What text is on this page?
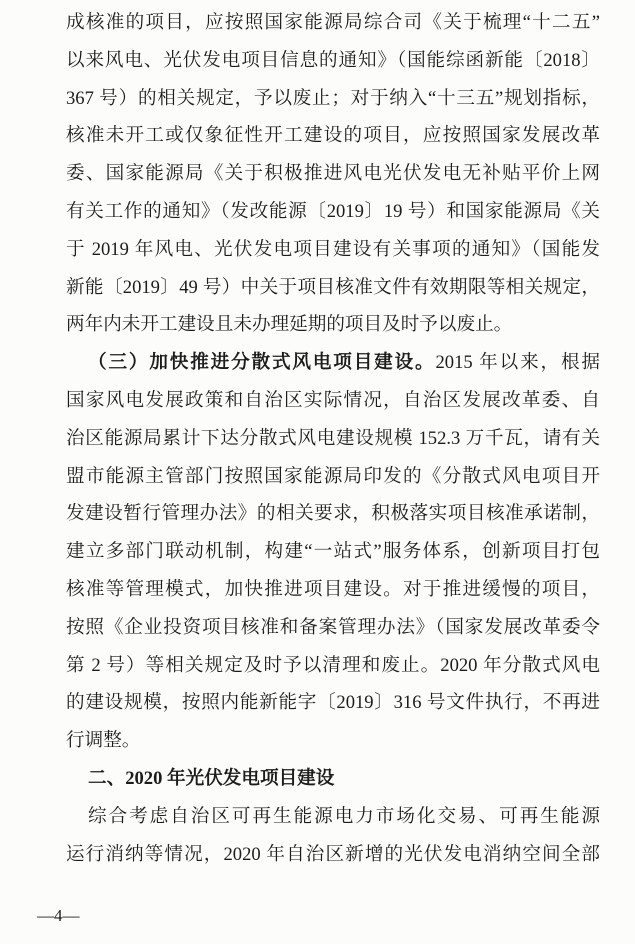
成核准的项目，应按照国家能源局综合司《关于梳理“十二五”
以来风电、光伏发电项目信息的通知》（国能综函新能〔2018〕
367 号）的相关规定，予以废止；对于纳入“十三五”规划指标，
核准未开工或仅象征性开工建设的项目，应按照国家发展改革
委、国家能源局《关于积极推进风电光伏发电无补贴平价上网
有关工作的通知》（发改能源〔2019〕19 号）和国家能源局《关
于 2019 年风电、光伏发电项目建设有关事项的通知》（国能发
新能〔2019〕49 号）中关于项目核准文件有效期限等相关规定，
两年内未开工建设且未办理延期的项目及时予以废止。
（三）加快推进分散式风电项目建设。2015 年以来，根据
国家风电发展政策和自治区实际情况，自治区发展改革委、自
治区能源局累计下达分散式风电建设规模 152.3 万千瓦，请有关
盟市能源主管部门按照国家能源局印发的《分散式风电项目开
发建设暂行管理办法》的相关要求，积极落实项目核准承诺制，
建立多部门联动机制，构建“一站式”服务体系，创新项目打包
核准等管理模式，加快推进项目建设。对于推进缓慢的项目，
按照《企业投资项目核准和备案管理办法》（国家发展改革委令
第 2 号）等相关规定及时予以清理和废止。2020 年分散式风电
的建设规模，按照内能新能字〔2019〕316 号文件执行，不再进
行调整。
二、2020 年光伏发电项目建设
综合考虑自治区可再生能源电力市场化交易、可再生能源
运行消纳等情况，2020 年自治区新增的光伏发电消纳空间全部
—4—
